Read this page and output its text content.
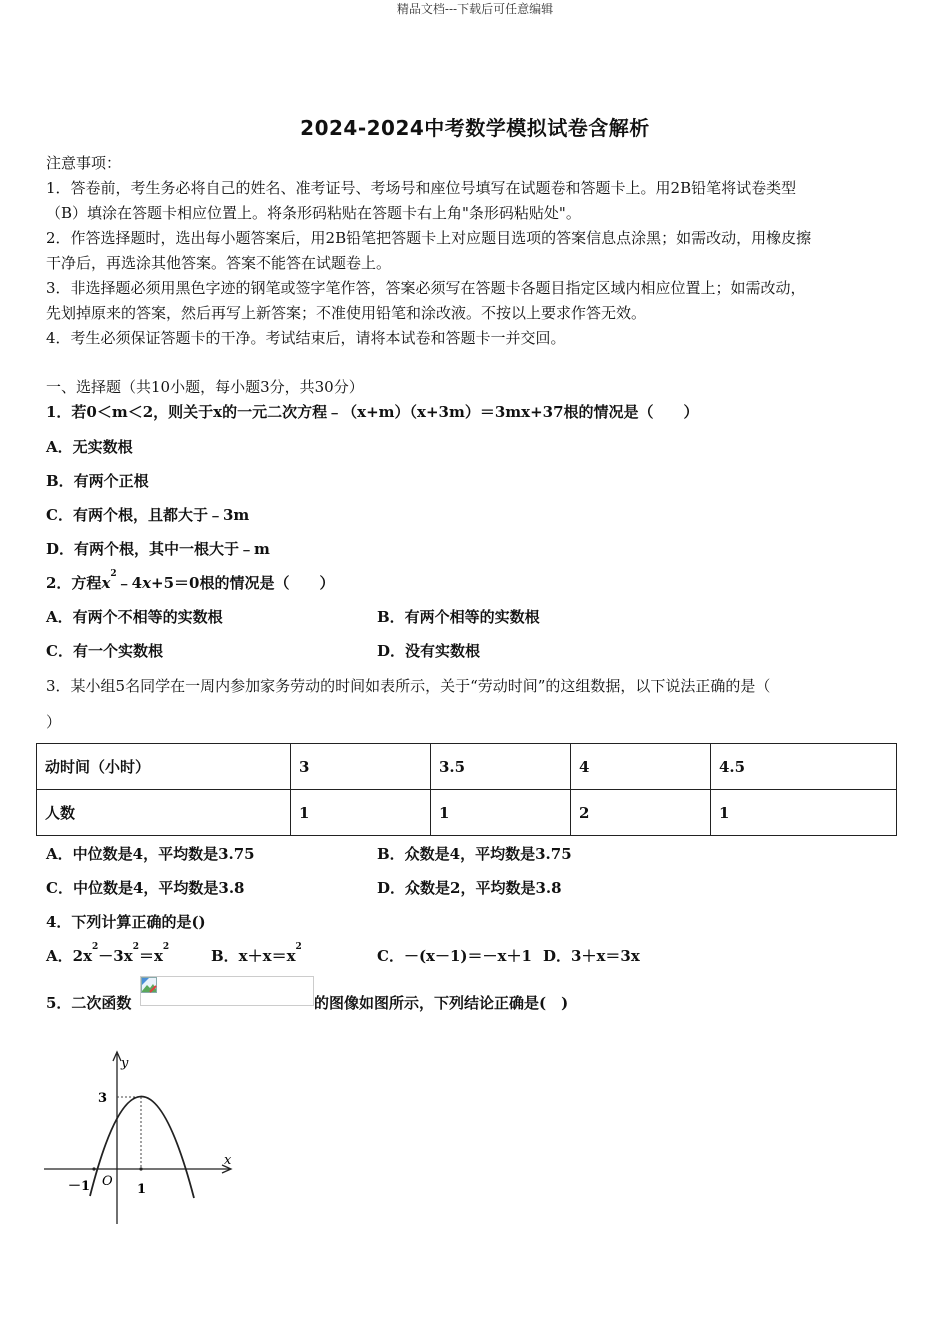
精品文档---下载后可任意编辑
2024-2024中考数学模拟试卷含解析
注意事项：
1．答卷前，考生务必将自己的姓名、准考证号、考场号和座位号填写在试题卷和答题卡上。用2B铅笔将试卷类型
（B）填涂在答题卡相应位置上。将条形码粘贴在答题卡右上角"条形码粘贴处"。
2．作答选择题时，选出每小题答案后，用2B铅笔把答题卡上对应题目选项的答案信息点涂黑；如需改动，用橡皮擦
干净后，再选涂其他答案。答案不能答在试题卷上。
3．非选择题必须用黑色字迹的钢笔或签字笔作答，答案必须写在答题卡各题目指定区域内相应位置上；如需改动，
先划掉原来的答案，然后再写上新答案；不准使用铅笔和涂改液。不按以上要求作答无效。
4．考生必须保证答题卡的干净。考试结束后，请将本试卷和答题卡一并交回。
一、选择题（共10小题，每小题3分，共30分）
1．若0＜m＜2，则关于x的一元二次方程﹣（x+m）（x+3m）＝3mx+37根的情况是（　　）
A．无实数根
B．有两个正根
C．有两个根，且都大于﹣3m
D．有两个根，其中一根大于﹣m
2．方程$x^2﹣4x+5=0$根的情况是（　　）
A．有两个不相等的实数根	B．有两个相等的实数根
C．有一个实数根	D．没有实数根
3．某小组5名同学在一周内参加家务劳动的时间如表所示，关于“劳动时间”的这组数据，以下说法正确的是（
）
动时间（小时）	3	3.5	4	4.5
人数	1	1	2	1
A．中位数是4，平均数是3.75	B．众数是4，平均数是3.75
C．中位数是4，平均数是3.8	D．众数是2，平均数是3.8
4．下列计算正确的是()
A．$2x^2-3x^2=x^2$	B．$x+x=x^2$	C．－(x－1)＝－x＋1 D．3＋x＝3x
5．二次函数	的图像如图所示，下列结论正确是(　)
y
x
O
3
1
－1
